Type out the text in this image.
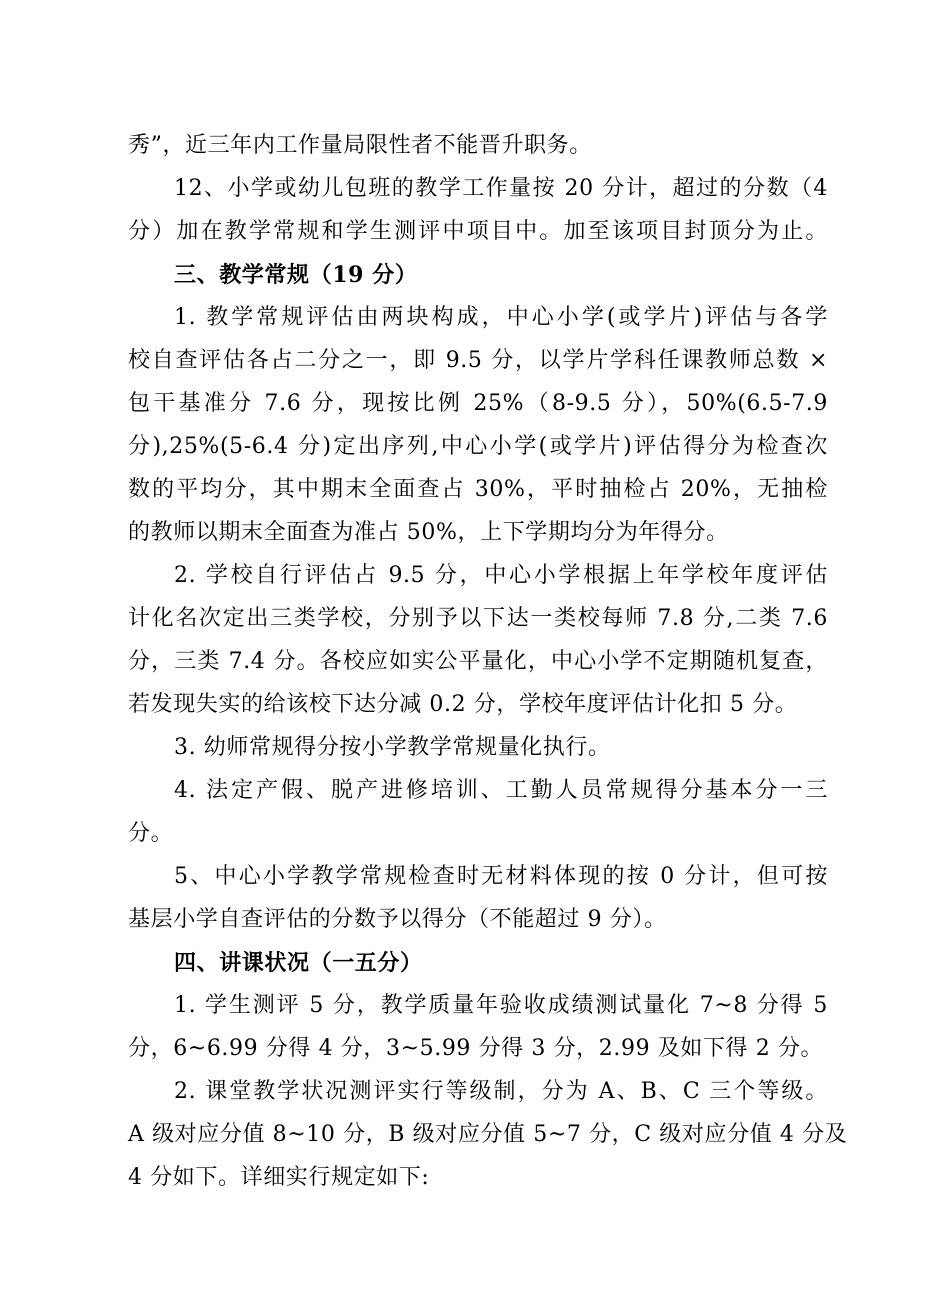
秀”，近三年内工作量局限性者不能晋升职务。
12、小学或幼儿包班的教学工作量按 20 分计，超过的分数（4
分）加在教学常规和学生测评中项目中。加至该项目封顶分为止。
三、教学常规（19 分）
1. 教学常规评估由两块构成，中心小学(或学片)评估与各学
校自查评估各占二分之一，即 9.5 分，以学片学科任课教师总数 ×
包干基准分 7.6 分，现按比例 25%（8-9.5 分），50%(6.5-7.9
分),25%(5-6.4 分)定出序列,中心小学(或学片)评估得分为检查次
数的平均分，其中期末全面查占 30%，平时抽检占 20%，无抽检
的教师以期末全面查为准占 50%，上下学期均分为年得分。
2. 学校自行评估占 9.5 分，中心小学根据上年学校年度评估
计化名次定出三类学校，分别予以下达一类校每师 7.8 分,二类 7.6
分，三类 7.4 分。各校应如实公平量化，中心小学不定期随机复查，
若发现失实的给该校下达分减 0.2 分，学校年度评估计化扣 5 分。
3. 幼师常规得分按小学教学常规量化执行。
4. 法定产假、脱产进修培训、工勤人员常规得分基本分一三
分。
5、中心小学教学常规检查时无材料体现的按 0 分计，但可按
基层小学自查评估的分数予以得分（不能超过 9 分）。
四、讲课状况（一五分）
1. 学生测评 5 分，教学质量年验收成绩测试量化 7~8 分得 5
分，6~6.99 分得 4 分，3~5.99 分得 3 分，2.99 及如下得 2 分。
2. 课堂教学状况测评实行等级制，分为 A、B、C 三个等级。
A 级对应分值 8~10 分，B 级对应分值 5~7 分，C 级对应分值 4 分及
4 分如下。详细实行规定如下:
